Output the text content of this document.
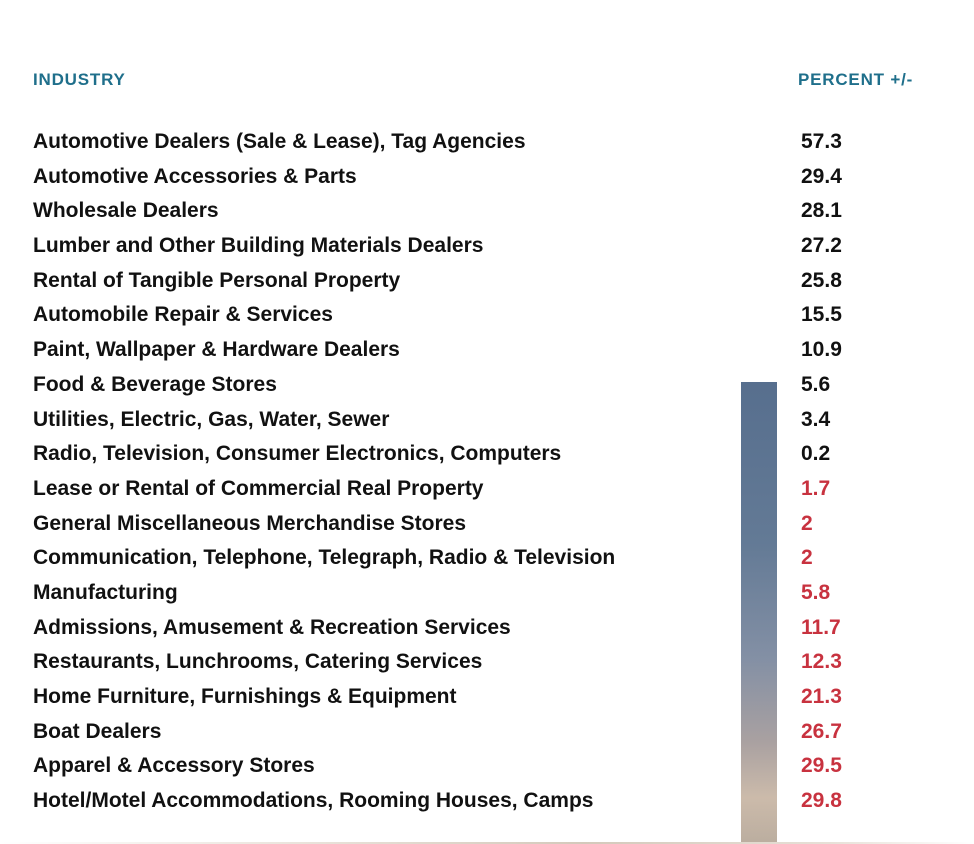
INDUSTRY	PERCENT +/-
Automotive Dealers (Sale & Lease), Tag Agencies	57.3
Automotive Accessories & Parts	29.4
Wholesale Dealers	28.1
Lumber and Other Building Materials Dealers	27.2
Rental of Tangible Personal Property	25.8
Automobile Repair & Services	15.5
Paint, Wallpaper & Hardware Dealers	10.9
Food & Beverage Stores	5.6
Utilities, Electric, Gas, Water, Sewer	3.4
Radio, Television, Consumer Electronics, Computers	0.2
Lease or Rental of Commercial Real Property	1.7
General Miscellaneous Merchandise Stores	2
Communication, Telephone, Telegraph, Radio & Television	2
Manufacturing	5.8
Admissions, Amusement & Recreation Services	11.7
Restaurants, Lunchrooms, Catering Services	12.3
Home Furniture, Furnishings & Equipment	21.3
Boat Dealers	26.7
Apparel & Accessory Stores	29.5
Hotel/Motel Accommodations, Rooming Houses, Camps	29.8
